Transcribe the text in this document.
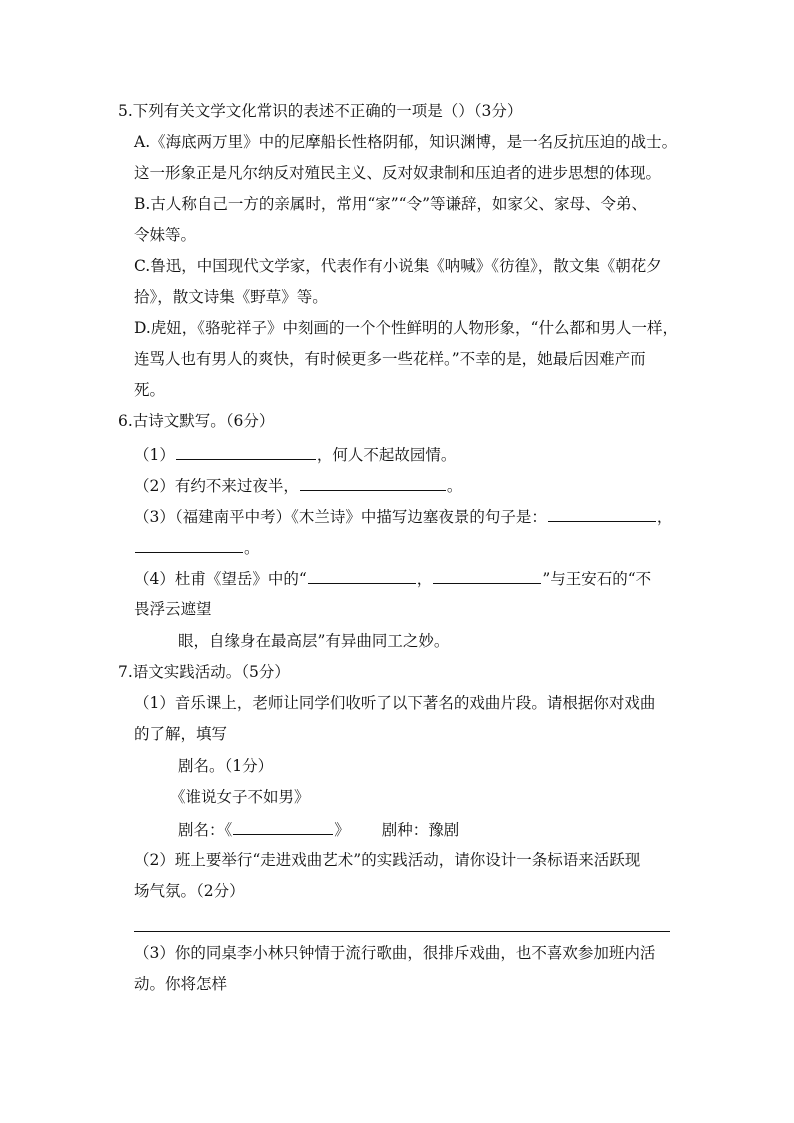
5.下列有关文学文化常识的表述不正确的一项是（）（3分）
A.《海底两万里》中的尼摩船长性格阴郁，知识渊博，是一名反抗压迫的战士。
这一形象正是凡尔纳反对殖民主义、反对奴隶制和压迫者的进步思想的体现。
B.古人称自己一方的亲属时，常用“家”“令”等谦辞，如家父、家母、令弟、
令妹等。
C.鲁迅，中国现代文学家，代表作有小说集《呐喊》《彷徨》，散文集《朝花夕
拾》，散文诗集《野草》等。
D.虎妞，《骆驼祥子》中刻画的一个个性鲜明的人物形象，“什么都和男人一样，
连骂人也有男人的爽快，有时候更多一些花样。”不幸的是，她最后因难产而
死。
6.古诗文默写。（6分）
（1）	，何人不起故园情。
（2）有约不来过夜半，	。
（3）（福建南平中考）《木兰诗》中描写边塞夜景的句子是：	，
。
（4）杜甫《望岳》中的“	，	”与王安石的“不
畏浮云遮望
眼，自缘身在最高层”有异曲同工之妙。
7.语文实践活动。（5分）
（1）音乐课上，老师让同学们收听了以下著名的戏曲片段。请根据你对戏曲
的了解，填写
剧名。（1分）
《谁说女子不如男》
剧名：《	》 剧种：豫剧
（2）班上要举行“走进戏曲艺术”的实践活动，请你设计一条标语来活跃现
场气氛。（2分）
（3）你的同桌李小林只钟情于流行歌曲，很排斥戏曲，也不喜欢参加班内活
动。你将怎样
